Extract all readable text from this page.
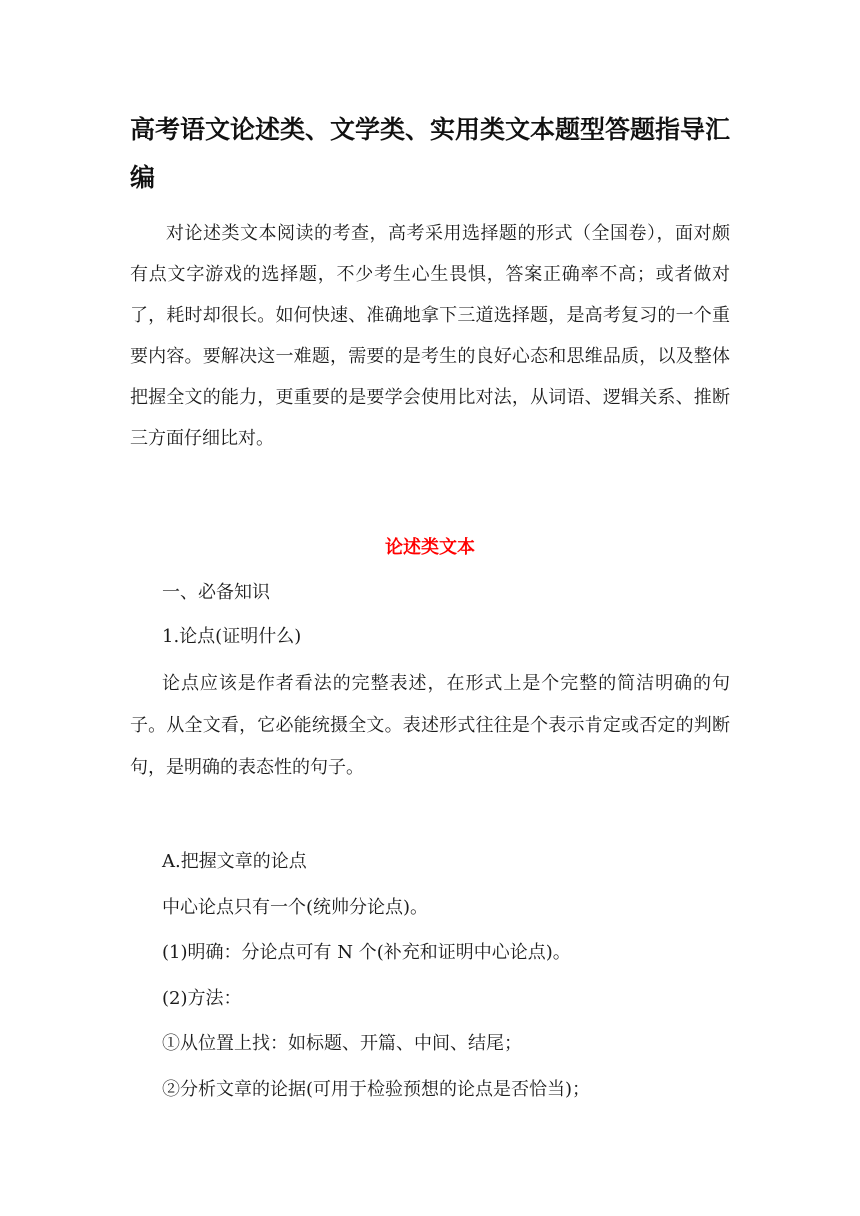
高考语文论述类、文学类、实用类文本题型答题指导汇编

对论述类文本阅读的考查，高考采用选择题的形式（全国卷），面对颇有点文字游戏的选择题，不少考生心生畏惧，答案正确率不高；或者做对了，耗时却很长。如何快速、准确地拿下三道选择题，是高考复习的一个重要内容。要解决这一难题，需要的是考生的良好心态和思维品质，以及整体把握全文的能力，更重要的是要学会使用比对法，从词语、逻辑关系、推断三方面仔细比对。

论述类文本
一、必备知识
1.论点(证明什么)

论点应该是作者看法的完整表述，在形式上是个完整的简洁明确的句子。从全文看，它必能统摄全文。表述形式往往是个表示肯定或否定的判断句，是明确的表态性的句子。

A.把握文章的论点
中心论点只有一个(统帅分论点)。
(1)明确：分论点可有 N 个(补充和证明中心论点)。
(2)方法：
①从位置上找：如标题、开篇、中间、结尾；
②分析文章的论据(可用于检验预想的论点是否恰当)；
